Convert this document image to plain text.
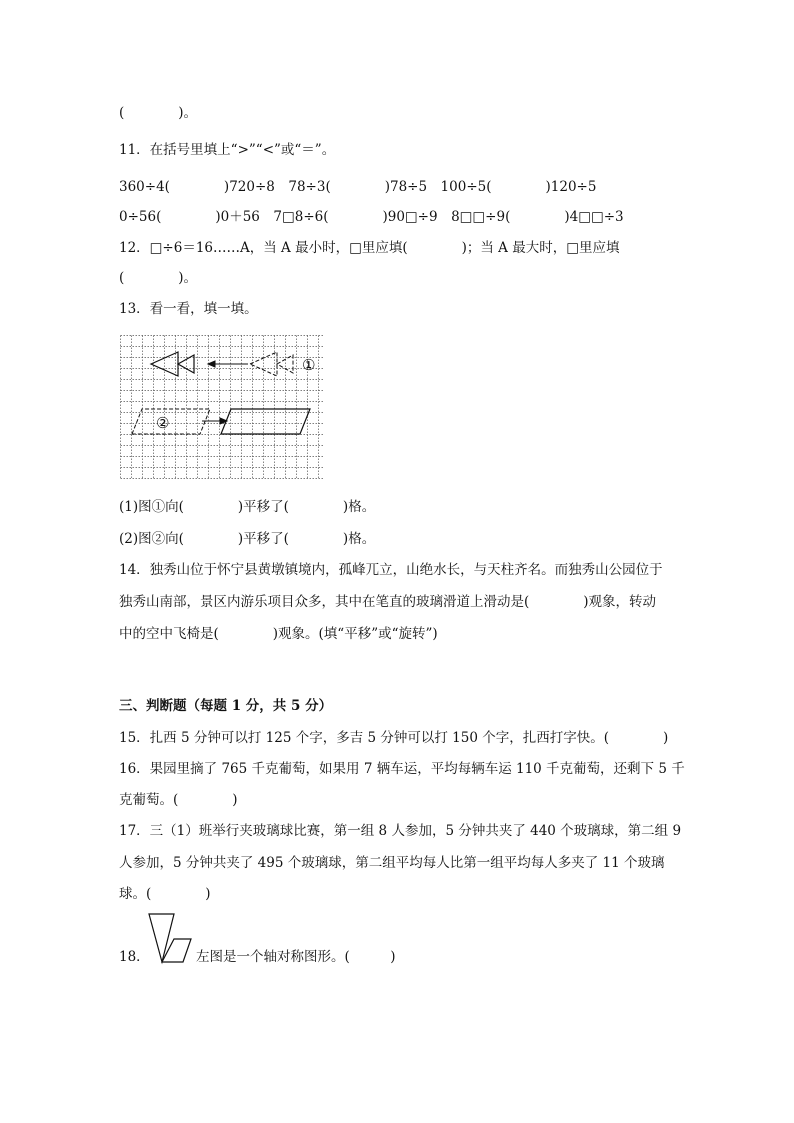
(　　　　)。
11．在括号里填上“>”“<”或“＝”。
360÷4(　　　　)720÷8　78÷3(　　　　)78÷5　100÷5(　　　　)120÷5
0÷56(　　　　)0＋56　7□8÷6(　　　　)90□÷9　8□□÷9(　　　　)4□□÷3
12．□÷6＝16……A，当 A 最小时，□里应填(　　　　)；当 A 最大时，□里应填
(　　　　)。
13．看一看，填一填。
①
②
(1)图①向(　　　　)平移了(　　　　)格。
(2)图②向(　　　　)平移了(　　　　)格。
14．独秀山位于怀宁县黄墩镇境内，孤峰兀立，山绝水长，与天柱齐名。而独秀山公园位于
独秀山南部，景区内游乐项目众多，其中在笔直的玻璃滑道上滑动是(　　　　)观象，转动
中的空中飞椅是(　　　　)观象。(填“平移”或“旋转”)
三、判断题（每题 1 分，共 5 分）
15．扎西 5 分钟可以打 125 个字，多吉 5 分钟可以打 150 个字，扎西打字快。(　　　　)
16．果园里摘了 765 千克葡萄，如果用 7 辆车运，平均每辆车运 110 千克葡萄，还剩下 5 千
克葡萄。(　　　　)
17．三（1）班举行夹玻璃球比赛，第一组 8 人参加，5 分钟共夹了 440 个玻璃球，第二组 9
人参加，5 分钟共夹了 495 个玻璃球，第二组平均每人比第一组平均每人多夹了 11 个玻璃
球。(　　　　)
18．	左图是一个轴对称图形。(　　　)
